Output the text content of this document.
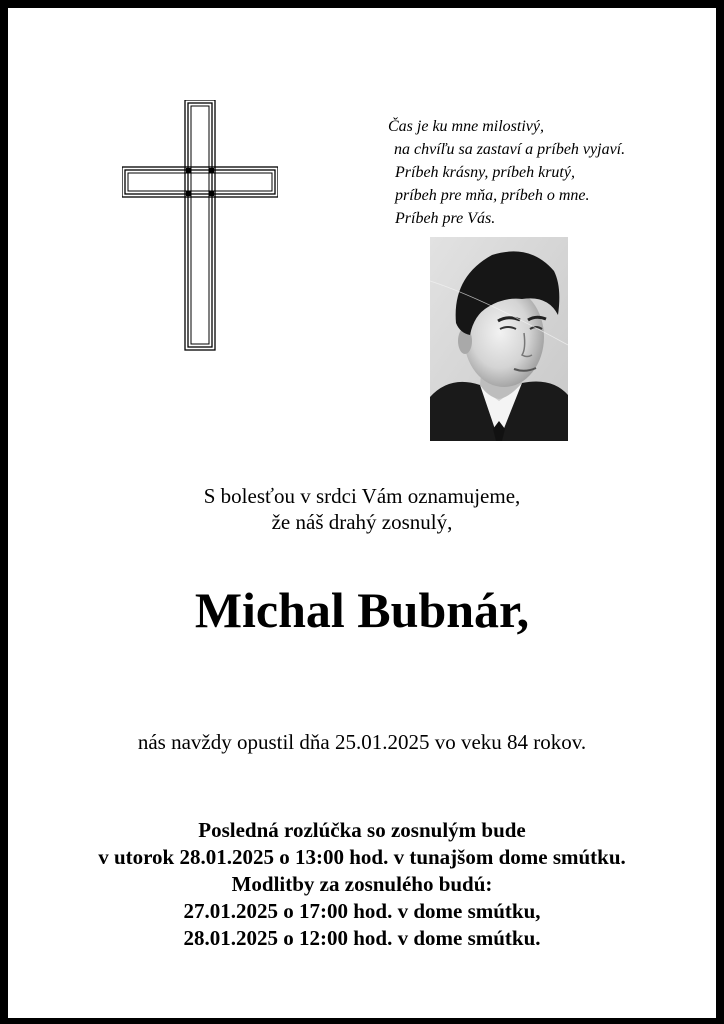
Čas je ku mne milostivý,
na chvíľu sa zastaví a príbeh vyjaví.
Príbeh krásny, príbeh krutý,
príbeh pre mňa, príbeh o mne.
Príbeh pre Vás.
S bolesťou v srdci Vám oznamujeme,
že náš drahý zosnulý,
Michal Bubnár,
nás navždy opustil dňa 25.01.2025 vo veku 84 rokov.
Posledná rozlúčka so zosnulým bude
v utorok 28.01.2025 o 13:00 hod. v tunajšom dome smútku.
Modlitby za zosnulého budú:
27.01.2025 o 17:00 hod. v dome smútku,
28.01.2025 o 12:00 hod. v dome smútku.
